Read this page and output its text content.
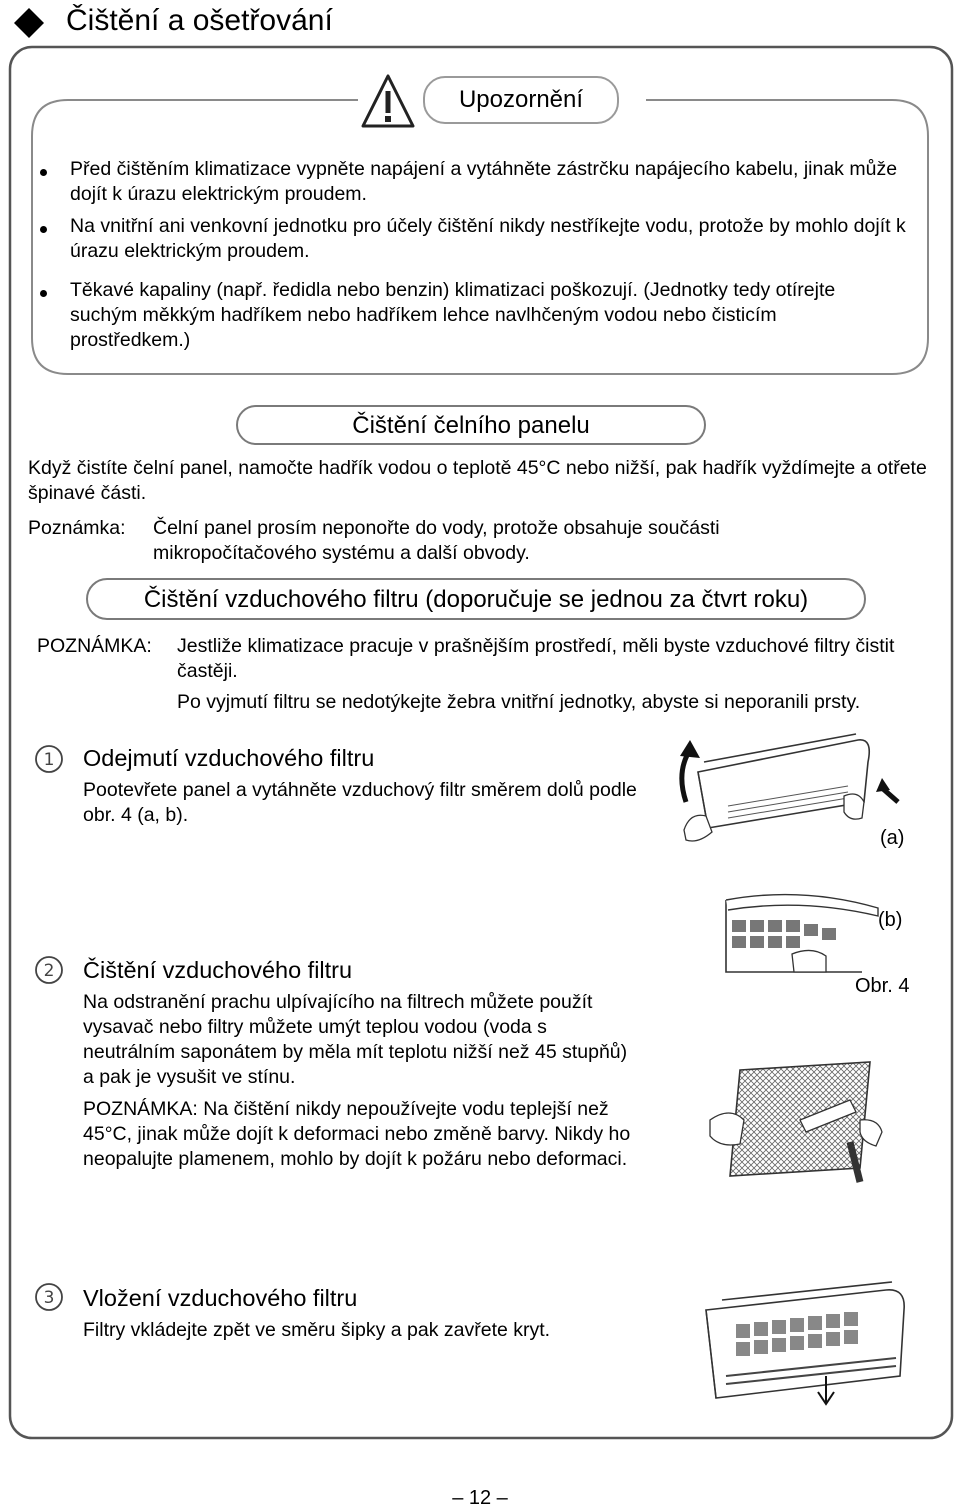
Čištění a ošetřování
Upozornění
Před čištěním klimatizace vypněte napájení a vytáhněte zástrčku napájecího kabelu, jinak může dojít k úrazu elektrickým proudem.
Na vnitřní ani venkovní jednotku pro účely čištění nikdy nestříkejte vodu, protože by mohlo dojít k úrazu elektrickým proudem.
Těkavé kapaliny (např. ředidla nebo benzin) klimatizaci poškozují. (Jednotky tedy otírejte suchým měkkým hadříkem nebo hadříkem lehce navlhčeným vodou nebo čisticím prostředkem.)
Čištění čelního panelu
Když čistíte čelní panel, namočte hadřík vodou o teplotě 45°C nebo nižší, pak hadřík vyždímejte a otřete špinavé části.
Poznámka: Čelní panel prosím neponořte do vody, protože obsahuje součásti mikropočítačového systému a další obvody.
Čištění vzduchového filtru (doporučuje se jednou za čtvrt roku)
POZNÁMKA: Jestliže klimatizace pracuje v prašnějším prostředí, měli byste vzduchové filtry čistit častěji.
Po vyjmutí filtru se nedotýkejte žebra vnitřní jednotky, abyste si neporanili prsty.
1 Odejmutí vzduchového filtru
Pootevřete panel a vytáhněte vzduchový filtr směrem dolů podle obr. 4 (a, b).
2 Čištění vzduchového filtru
Na odstranění prachu ulpívajícího na filtrech můžete použít vysavač nebo filtry můžete umýt teplou vodou (voda s neutrálním saponátem by měla mít teplotu nižší než 45 stupňů) a pak je vysušit ve stínu.
POZNÁMKA: Na čištění nikdy nepoužívejte vodu teplejší než 45°C, jinak může dojít k deformaci nebo změně barvy. Nikdy ho neopalujte plamenem, mohlo by dojít k požáru nebo deformaci.
3 Vložení vzduchového filtru
Filtry vkládejte zpět ve směru šipky a pak zavřete kryt.
(a)
(b)
Obr. 4
– 12 –
